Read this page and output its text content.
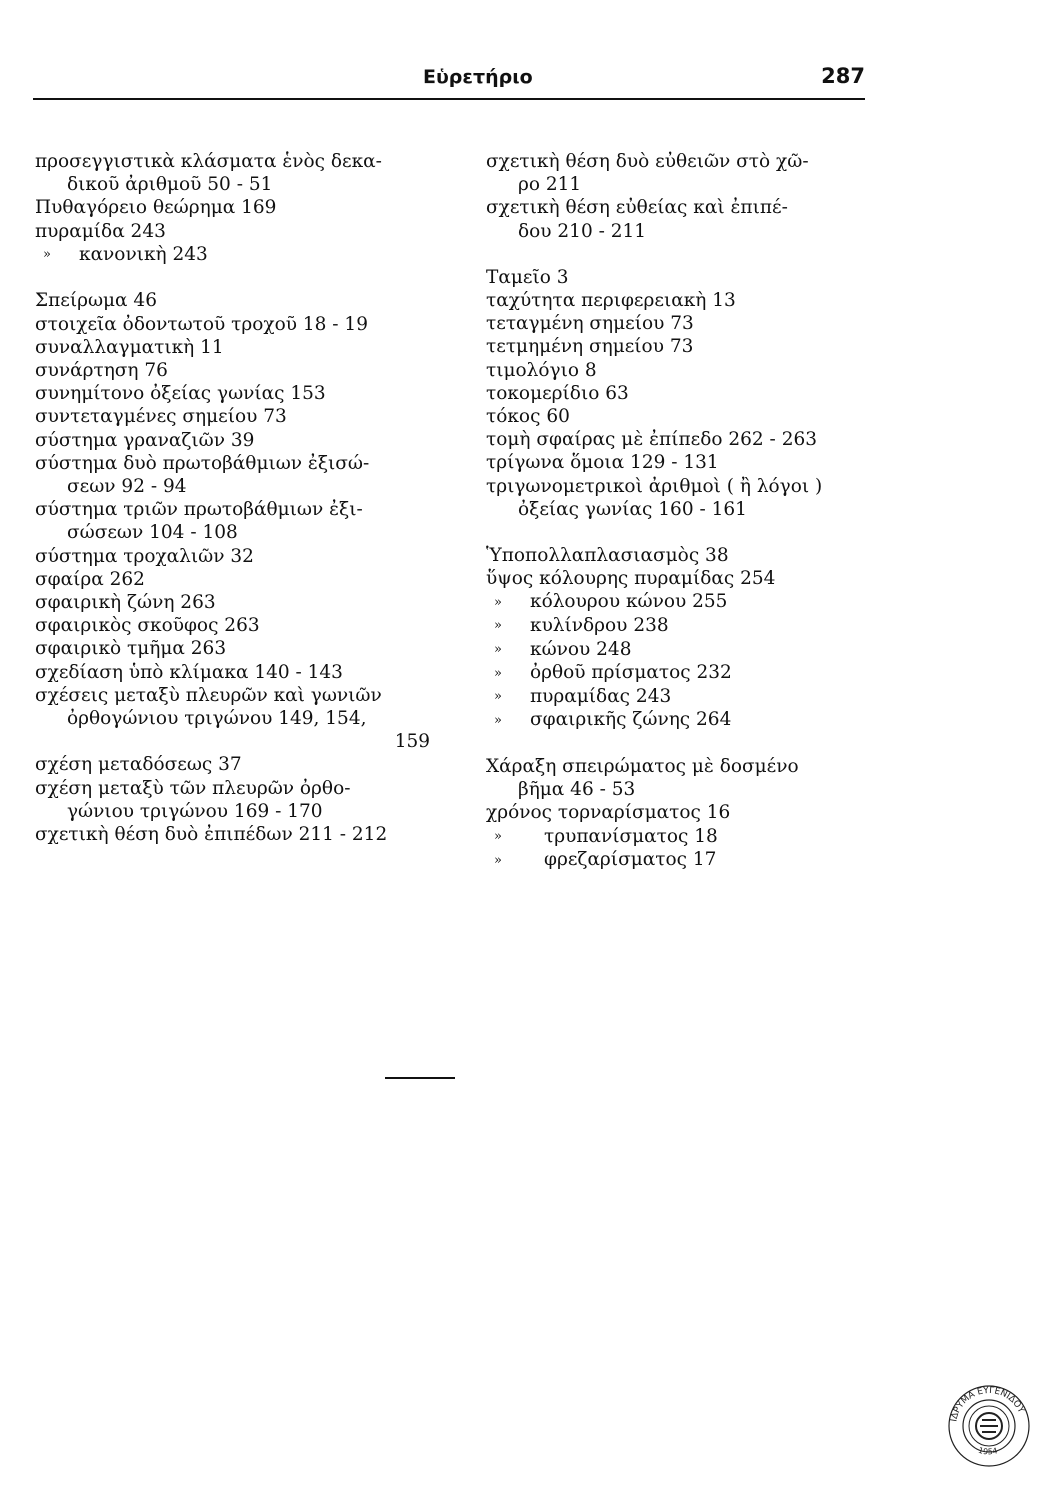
Εὑρετήριο	287
προσεγγιστικὰ κλάσματα ἑνὸς δεκα-
δικοῦ ἀριθμοῦ 50 - 51
Πυθαγόρειο θεώρημα 169
πυραμίδα 243
» κανονικὴ 243
Σπείρωμα 46
στοιχεῖα ὀδοντωτοῦ τροχοῦ 18 - 19
συναλλαγματικὴ 11
συνάρτηση 76
συνημίτονο ὀξείας γωνίας 153
συντεταγμένες σημείου 73
σύστημα γραναζιῶν 39
σύστημα δυὸ πρωτοβάθμιων ἐξισώ-
σεων 92 - 94
σύστημα τριῶν πρωτοβάθμιων ἐξι-
σώσεων 104 - 108
σύστημα τροχαλιῶν 32
σφαίρα 262
σφαιρικὴ ζώνη 263
σφαιρικὸς σκοῦφος 263
σφαιρικὸ τμῆμα 263
σχεδίαση ὑπὸ κλίμακα 140 - 143
σχέσεις μεταξὺ πλευρῶν καὶ γωνιῶν
ὀρθογώνιου τριγώνου 149, 154,
159
σχέση μεταδόσεως 37
σχέση μεταξὺ τῶν πλευρῶν ὀρθο-
γώνιου τριγώνου 169 - 170
σχετικὴ θέση δυὸ ἐπιπέδων 211 - 212
σχετικὴ θέση δυὸ εὐθειῶν στὸ χῶ-
ρο 211
σχετικὴ θέση εὐθείας καὶ ἐπιπέ-
δου 210 - 211
Ταμεῖο 3
ταχύτητα περιφερειακὴ 13
τεταγμένη σημείου 73
τετμημένη σημείου 73
τιμολόγιο 8
τοκομερίδιο 63
τόκος 60
τομὴ σφαίρας μὲ ἐπίπεδο 262 - 263
τρίγωνα ὅμοια 129 - 131
τριγωνομετρικοὶ ἀριθμοὶ ( ἢ λόγοι )
ὀξείας γωνίας 160 - 161
Ὑποπολλαπλασιασμὸς 38
ὕψος κόλουρης πυραμίδας 254
» κόλουρου κώνου 255
» κυλίνδρου 238
» κώνου 248
» ὀρθοῦ πρίσματος 232
» πυραμίδας 243
» σφαιρικῆς ζώνης 264
Χάραξη σπειρώματος μὲ δοσμένο
βῆμα 46 - 53
χρόνος τορναρίσματος 16
» τρυπανίσματος 18
» φρεζαρίσματος 17
ΙΔΡΥΜΑ ΕΥΓΕΝΙΔΟΥ
1954
